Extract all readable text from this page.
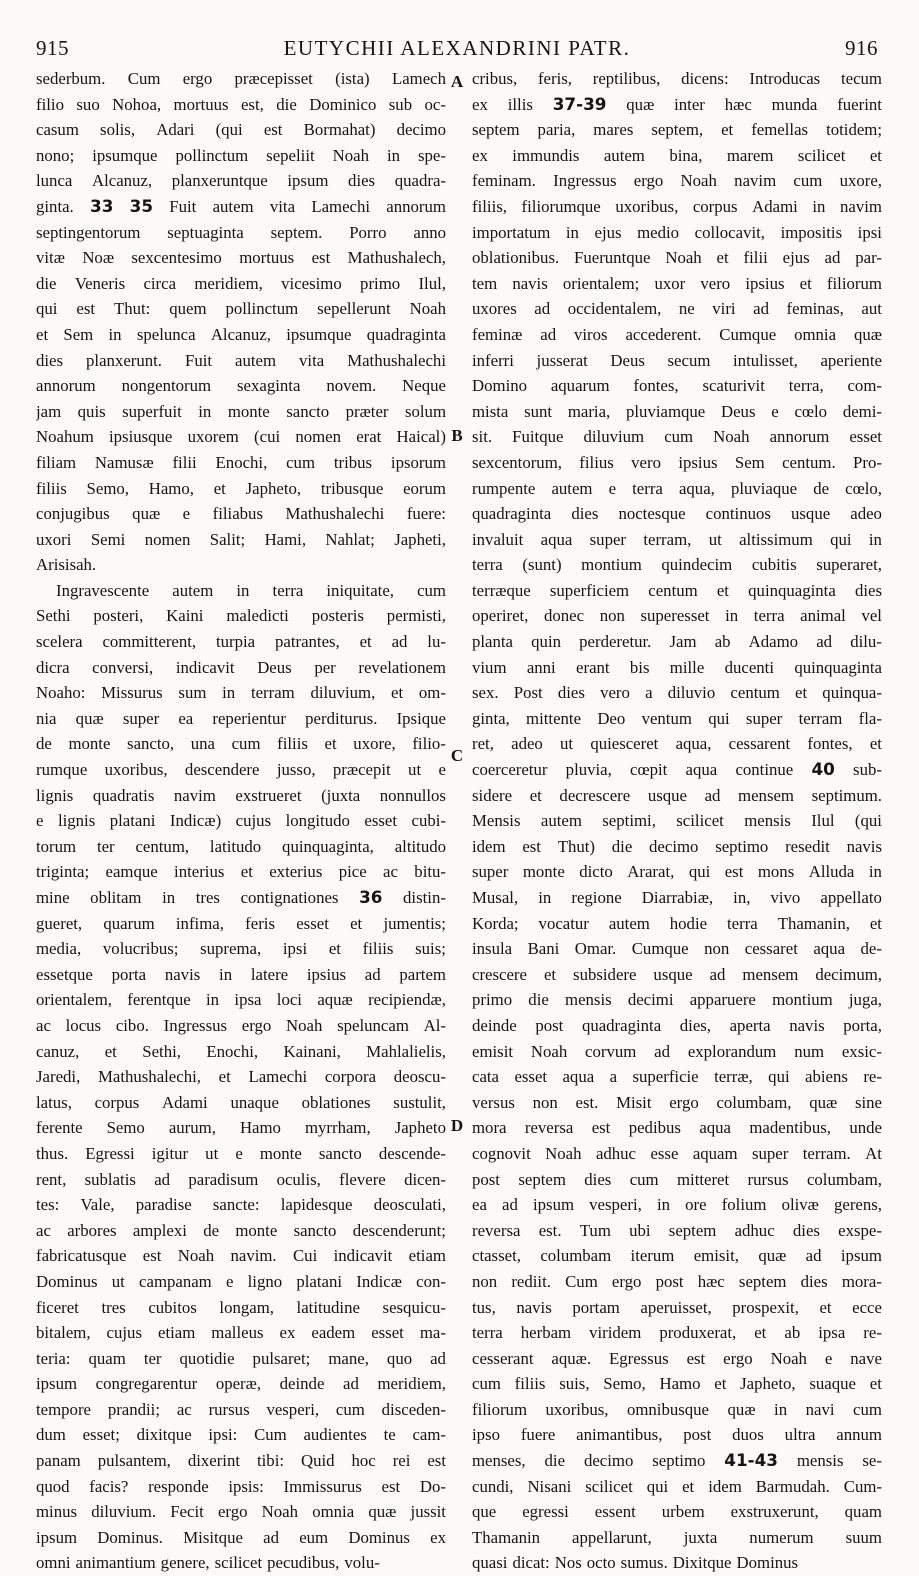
915	EUTYCHII ALEXANDRINI PATR.	916
sederbum. Cum ergo præcepisset (ista) Lamech
filio suo Nohoa, mortuus est, die Dominico sub oc-
casum solis, Adari (qui est Bormahat) decimo
nono; ipsumque pollinctum sepeliit Noah in spe-
lunca Alcanuz, planxeruntque ipsum dies quadra-
ginta. 33 35 Fuit autem vita Lamechi annorum
septingentorum septuaginta septem. Porro anno
vitæ Noæ sexcentesimo mortuus est Mathushalech,
die Veneris circa meridiem, vicesimo primo Ilul,
qui est Thut: quem pollinctum sepellerunt Noah
et Sem in spelunca Alcanuz, ipsumque quadraginta
dies planxerunt. Fuit autem vita Mathushalechi
annorum nongentorum sexaginta novem. Neque
jam quis superfuit in monte sancto præter solum
Noahum ipsiusque uxorem (cui nomen erat Haical)
filiam Namusæ filii Enochi, cum tribus ipsorum
filiis Semo, Hamo, et Japheto, tribusque eorum
conjugibus quæ e filiabus Mathushalechi fuere:
uxori Semi nomen Salit; Hami, Nahlat; Japheti,
Arisisah.
Ingravescente autem in terra iniquitate, cum
Sethi posteri, Kaini maledicti posteris permisti,
scelera committerent, turpia patrantes, et ad lu-
dicra conversi, indicavit Deus per revelationem
Noaho: Missurus sum in terram diluvium, et om-
nia quæ super ea reperientur perditurus. Ipsique
de monte sancto, una cum filiis et uxore, filio-
rumque uxoribus, descendere jusso, præcepit ut e
lignis quadratis navim exstrueret (juxta nonnullos
e lignis platani Indicæ) cujus longitudo esset cubi-
torum ter centum, latitudo quinquaginta, altitudo
triginta; eamque interius et exterius pice ac bitu-
mine oblitam in tres contignationes 36 distin-
gueret, quarum infima, feris esset et jumentis;
media, volucribus; suprema, ipsi et filiis suis;
essetque porta navis in latere ipsius ad partem
orientalem, ferentque in ipsa loci aquæ recipiendæ,
ac locus cibo. Ingressus ergo Noah speluncam Al-
canuz, et Sethi, Enochi, Kainani, Mahlalielis,
Jaredi, Mathushalechi, et Lamechi corpora deoscu-
latus, corpus Adami unaque oblationes sustulit,
ferente Semo aurum, Hamo myrrham, Japheto
thus. Egressi igitur ut e monte sancto descende-
rent, sublatis ad paradisum oculis, flevere dicen-
tes: Vale, paradise sancte: lapidesque deosculati,
ac arbores amplexi de monte sancto descenderunt;
fabricatusque est Noah navim. Cui indicavit etiam
Dominus ut campanam e ligno platani Indicæ con-
ficeret tres cubitos longam, latitudine sesquicu-
bitalem, cujus etiam malleus ex eadem esset ma-
teria: quam ter quotidie pulsaret; mane, quo ad
ipsum congregarentur operæ, deinde ad meridiem,
tempore prandii; ac rursus vesperi, cum disceden-
dum esset; dixitque ipsi: Cum audientes te cam-
panam pulsantem, dixerint tibi: Quid hoc rei est
quod facis? responde ipsis: Immissurus est Do-
minus diluvium. Fecit ergo Noah omnia quæ jussit
ipsum Dominus. Misitque ad eum Dominus ex
omni animantium genere, scilicet pecudibus, volu-
cribus, feris, reptilibus, dicens: Introducas tecum
ex illis 37-39 quæ inter hæc munda fuerint
septem paria, mares septem, et femellas totidem;
ex immundis autem bina, marem scilicet et
feminam. Ingressus ergo Noah navim cum uxore,
filiis, filiorumque uxoribus, corpus Adami in navim
importatum in ejus medio collocavit, impositis ipsi
oblationibus. Fueruntque Noah et filii ejus ad par-
tem navis orientalem; uxor vero ipsius et filiorum
uxores ad occidentalem, ne viri ad feminas, aut
feminæ ad viros accederent. Cumque omnia quæ
inferri jusserat Deus secum intulisset, aperiente
Domino aquarum fontes, scaturivit terra, com-
mista sunt maria, pluviamque Deus e cœlo demi-
sit. Fuitque diluvium cum Noah annorum esset
sexcentorum, filius vero ipsius Sem centum. Pro-
rumpente autem e terra aqua, pluviaque de cœlo,
quadraginta dies noctesque continuos usque adeo
invaluit aqua super terram, ut altissimum qui in
terra (sunt) montium quindecim cubitis superaret,
terræque superficiem centum et quinquaginta dies
operiret, donec non superesset in terra animal vel
planta quin perderetur. Jam ab Adamo ad dilu-
vium anni erant bis mille ducenti quinquaginta
sex. Post dies vero a diluvio centum et quinqua-
ginta, mittente Deo ventum qui super terram fla-
ret, adeo ut quiesceret aqua, cessarent fontes, et
coerceretur pluvia, cœpit aqua continue 40 sub-
sidere et decrescere usque ad mensem septimum.
Mensis autem septimi, scilicet mensis Ilul (qui
idem est Thut) die decimo septimo resedit navis
super monte dicto Ararat, qui est mons Alluda in
Musal, in regione Diarrabiæ, in, vivo appellato
Korda; vocatur autem hodie terra Thamanin, et
insula Bani Omar. Cumque non cessaret aqua de-
crescere et subsidere usque ad mensem decimum,
primo die mensis decimi apparuere montium juga,
deinde post quadraginta dies, aperta navis porta,
emisit Noah corvum ad explorandum num exsic-
cata esset aqua a superficie terræ, qui abiens re-
versus non est. Misit ergo columbam, quæ sine
mora reversa est pedibus aqua madentibus, unde
cognovit Noah adhuc esse aquam super terram. At
post septem dies cum mitteret rursus columbam,
ea ad ipsum vesperi, in ore folium olivæ gerens,
reversa est. Tum ubi septem adhuc dies exspe-
ctasset, columbam iterum emisit, quæ ad ipsum
non rediit. Cum ergo post hæc septem dies mora-
tus, navis portam aperuisset, prospexit, et ecce
terra herbam viridem produxerat, et ab ipsa re-
cesserant aquæ. Egressus est ergo Noah e nave
cum filiis suis, Semo, Hamo et Japheto, suaque et
filiorum uxoribus, omnibusque quæ in navi cum
ipso fuere animantibus, post duos ultra annum
menses, die decimo septimo 41-43 mensis se-
cundi, Nisani scilicet qui et idem Barmudah. Cum-
que egressi essent urbem exstruxerunt, quam
Thamanin appellarunt, juxta numerum suum
quasi dicat: Nos octo sumus. Dixitque Dominus
A
B
C
D
